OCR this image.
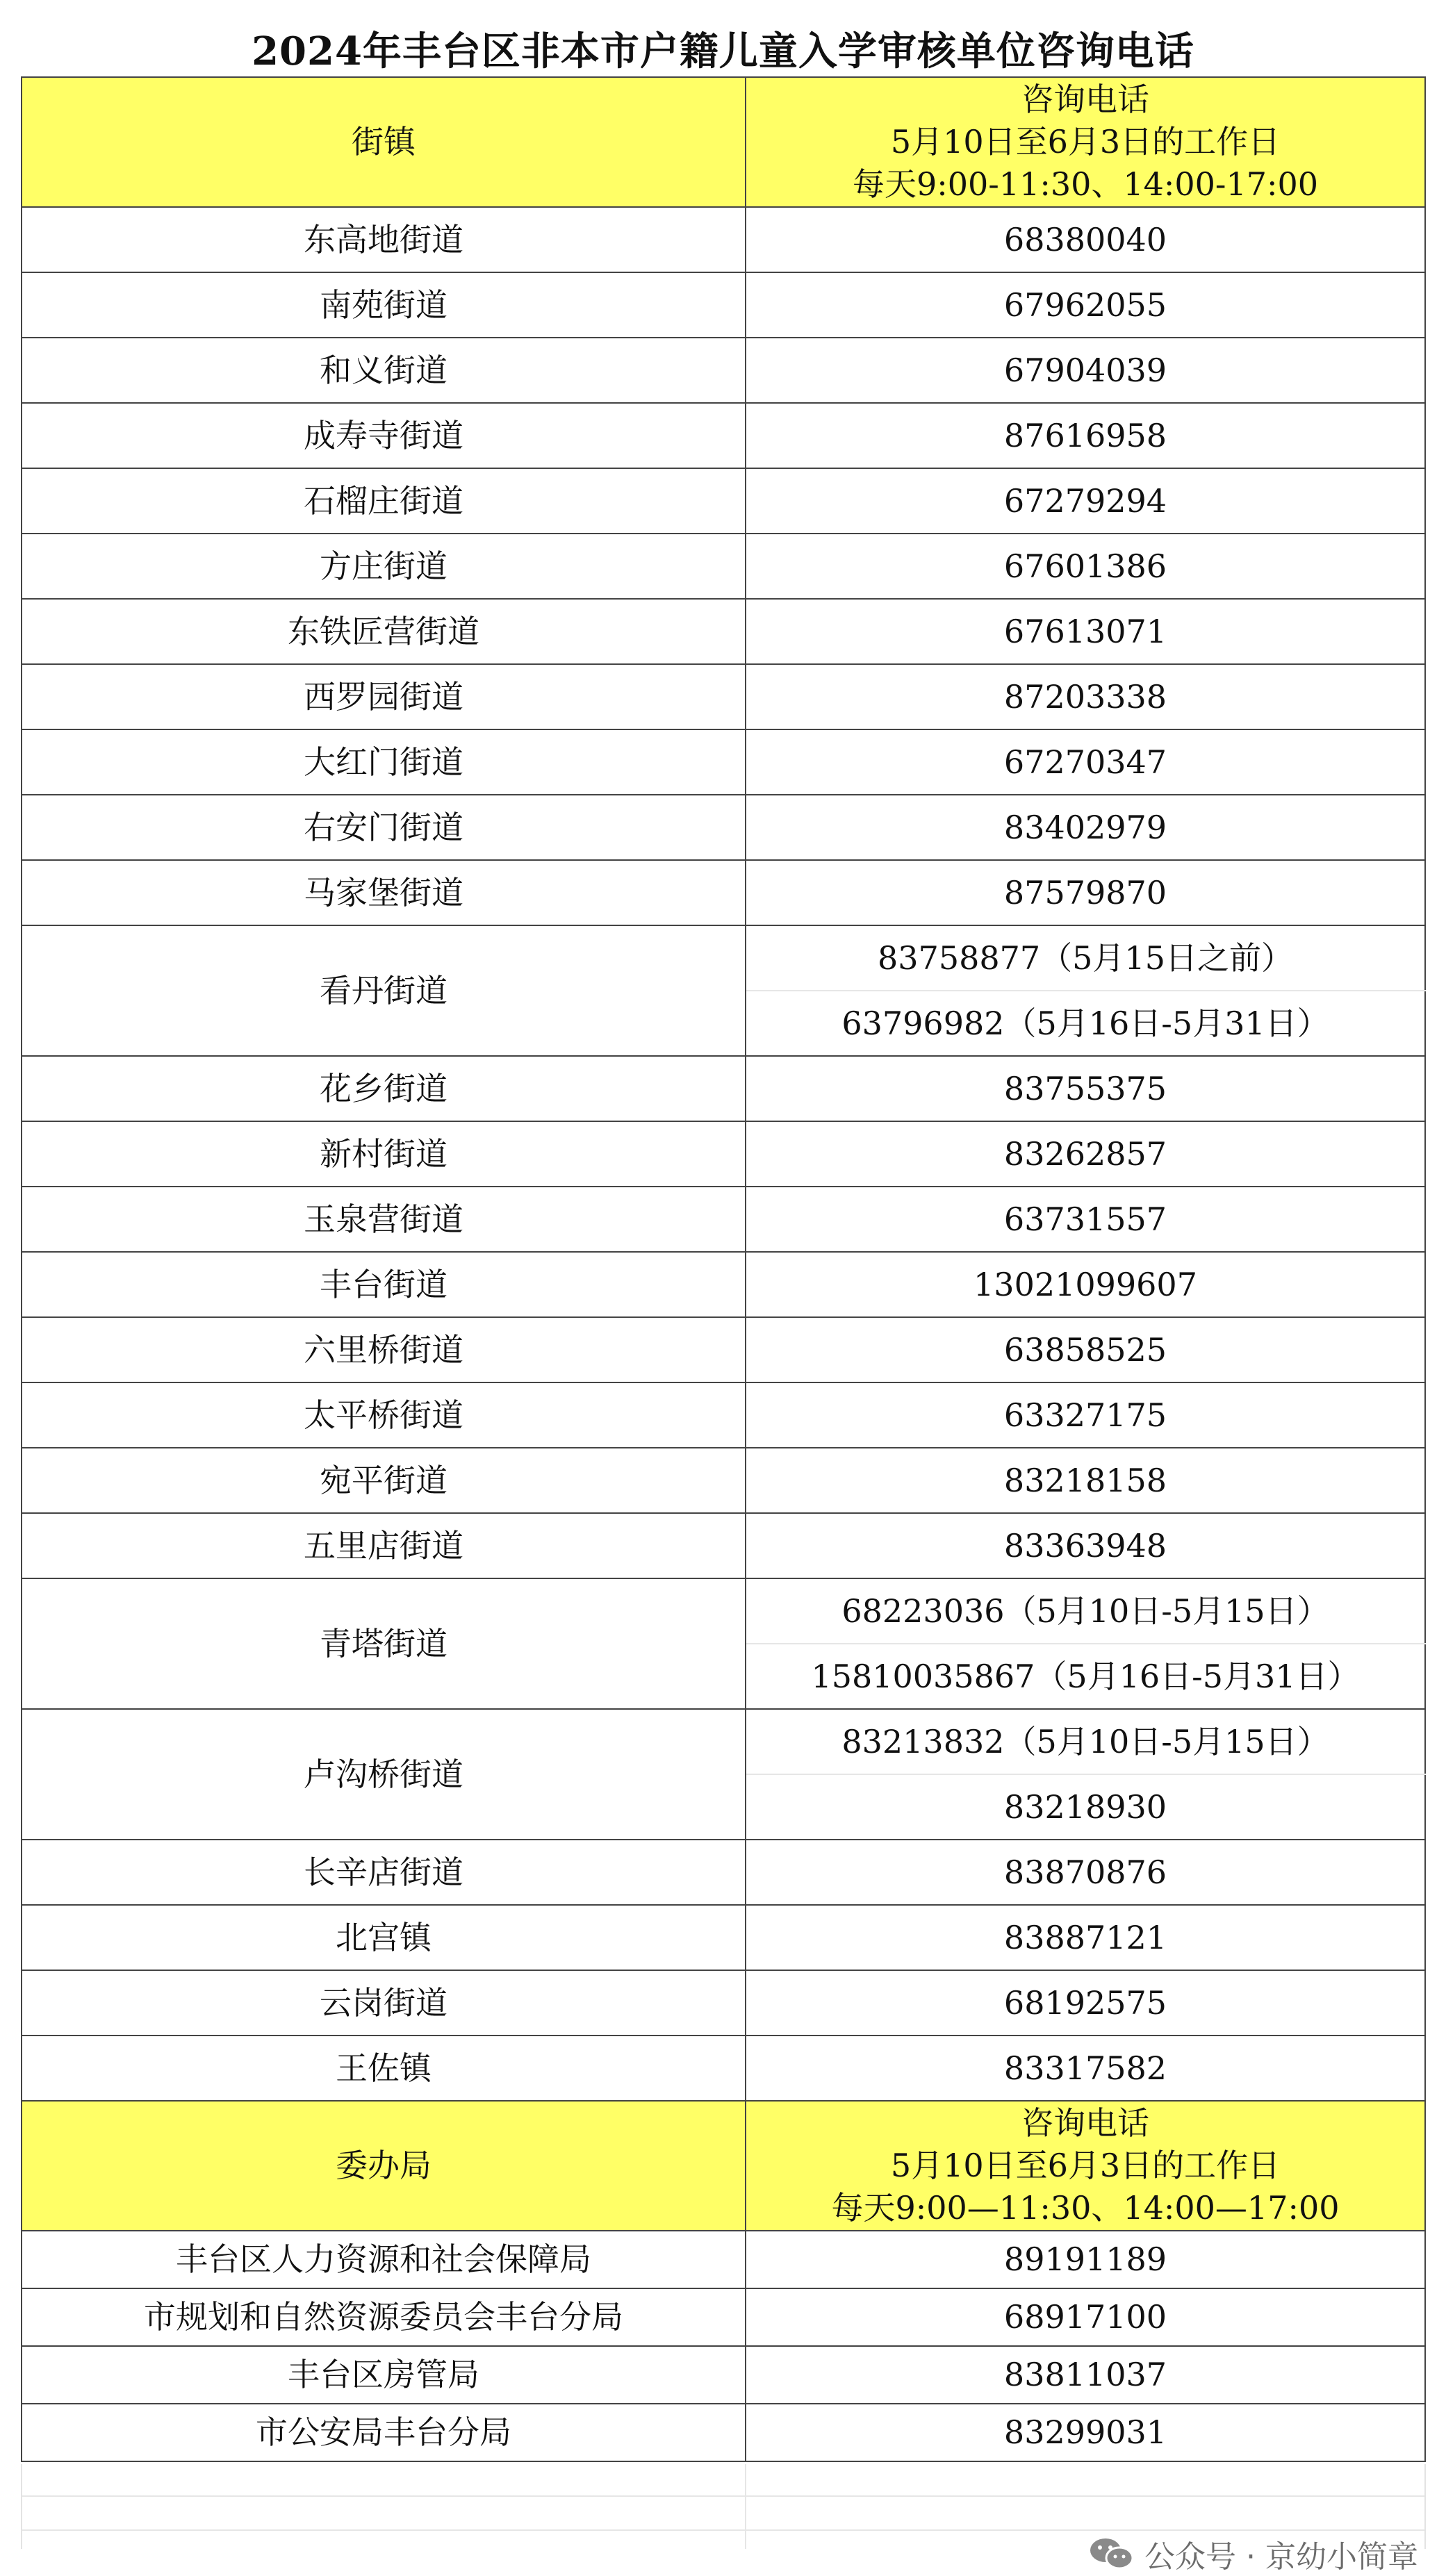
2024年丰台区非本市户籍儿童入学审核单位咨询电话
街镇	咨询电话
5月10日至6月3日的工作日
每天9:00-11:30、14:00-17:00

东高地街道	68380040
南苑街道	67962055
和义街道	67904039
成寿寺街道	87616958
石榴庄街道	67279294
方庄街道	67601386
东铁匠营街道	67613071
西罗园街道	87203338
大红门街道	67270347
右安门街道	83402979
马家堡街道	87579870
看丹街道	83758877（5月15日之前）
	63796982（5月16日-5月31日）
花乡街道	83755375
新村街道	83262857
玉泉营街道	63731557
丰台街道	13021099607
六里桥街道	63858525
太平桥街道	63327175
宛平街道	83218158
五里店街道	83363948
青塔街道	68223036（5月10日-5月15日）
	15810035867（5月16日-5月31日）
卢沟桥街道	83213832（5月10日-5月15日）
	83218930
长辛店街道	83870876
北宫镇	83887121
云岗街道	68192575
王佐镇	83317582
委办局	咨询电话
5月10日至6月3日的工作日
每天9:00—11:30、14:00—17:00

丰台区人力资源和社会保障局	89191189
市规划和自然资源委员会丰台分局	68917100
丰台区房管局	83811037
市公安局丰台分局	83299031
公众号 · 京幼小简章
